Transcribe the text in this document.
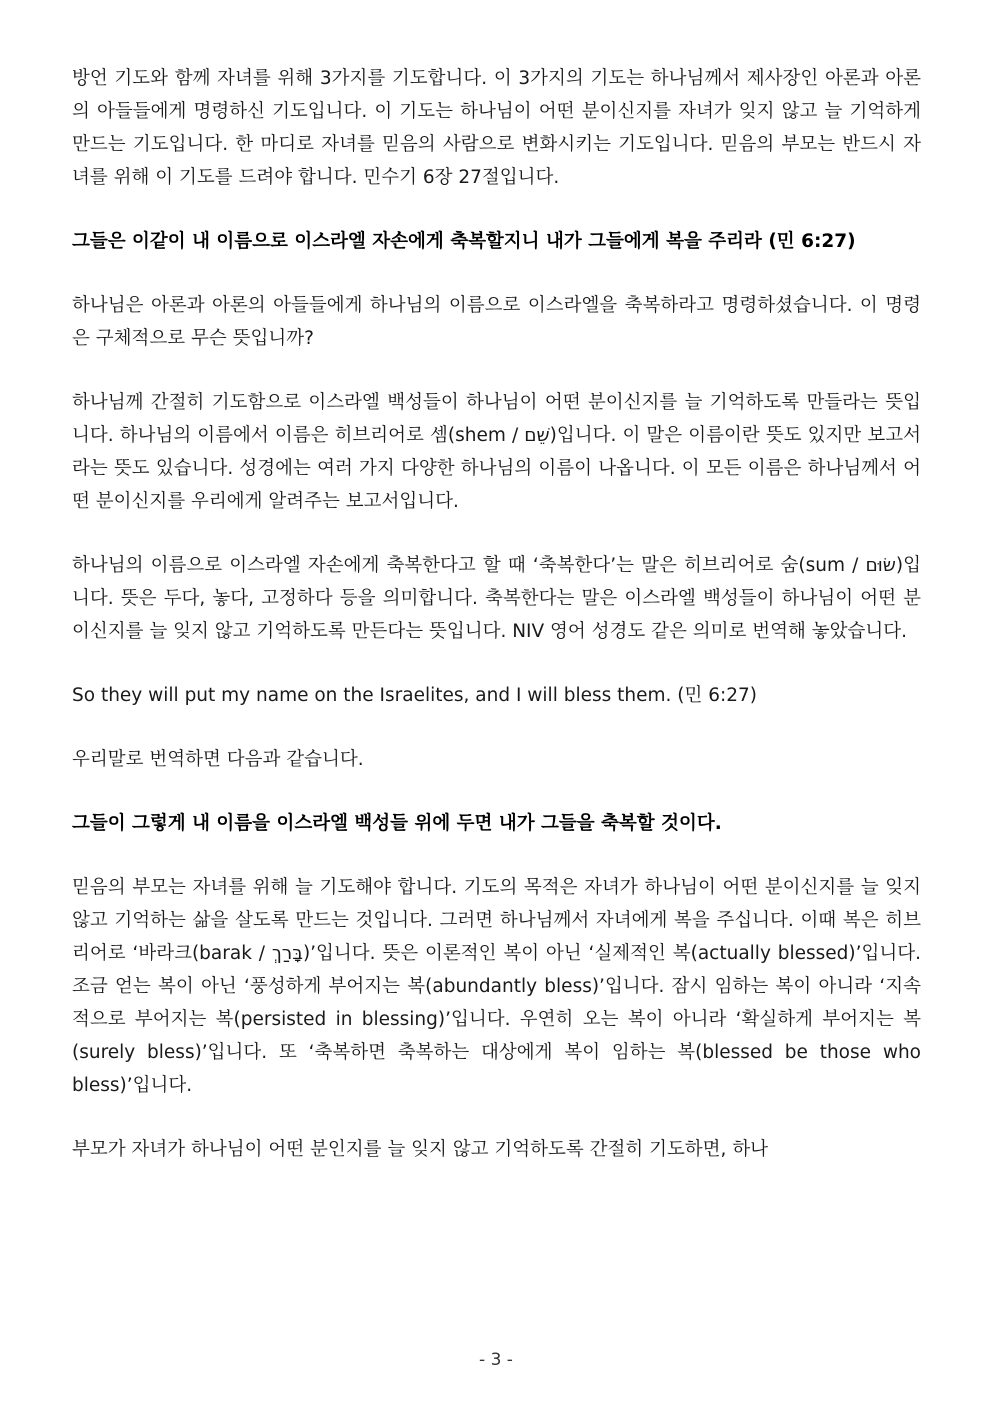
방언 기도와 함께 자녀를 위해 3가지를 기도합니다. 이 3가지의 기도는 하나님께서 제사장인 아론과 아론의 아들들에게 명령하신 기도입니다. 이 기도는 하나님이 어떤 분이신지를 자녀가 잊지 않고 늘 기억하게 만드는 기도입니다. 한 마디로 자녀를 믿음의 사람으로 변화시키는 기도입니다. 믿음의 부모는 반드시 자녀를 위해 이 기도를 드려야 합니다. 민수기 6장 27절입니다.

그들은 이같이 내 이름으로 이스라엘 자손에게 축복할지니 내가 그들에게 복을 주리라 (민 6:27)

하나님은 아론과 아론의 아들들에게 하나님의 이름으로 이스라엘을 축복하라고 명령하셨습니다. 이 명령은 구체적으로 무슨 뜻입니까?

하나님께 간절히 기도함으로 이스라엘 백성들이 하나님이 어떤 분이신지를 늘 기억하도록 만들라는 뜻입니다. 하나님의 이름에서 이름은 히브리어로 셈(shem / שֵׁם)입니다. 이 말은 이름이란 뜻도 있지만 보고서라는 뜻도 있습니다. 성경에는 여러 가지 다양한 하나님의 이름이 나옵니다. 이 모든 이름은 하나님께서 어떤 분이신지를 우리에게 알려주는 보고서입니다.

하나님의 이름으로 이스라엘 자손에게 축복한다고 할 때 ‘축복한다’는 말은 히브리어로 숨(sum / שׂוּם)입니다. 뜻은 두다, 놓다, 고정하다 등을 의미합니다. 축복한다는 말은 이스라엘 백성들이 하나님이 어떤 분이신지를 늘 잊지 않고 기억하도록 만든다는 뜻입니다. NIV 영어 성경도 같은 의미로 번역해 놓았습니다.

So they will put my name on the Israelites, and I will bless them. (민 6:27)

우리말로 번역하면 다음과 같습니다.

그들이 그렇게 내 이름을 이스라엘 백성들 위에 두면 내가 그들을 축복할 것이다.

믿음의 부모는 자녀를 위해 늘 기도해야 합니다. 기도의 목적은 자녀가 하나님이 어떤 분이신지를 늘 잊지 않고 기억하는 삶을 살도록 만드는 것입니다. 그러면 하나님께서 자녀에게 복을 주십니다. 이때 복은 히브리어로 ‘바라크(barak / בָּרַךְ)’입니다. 뜻은 이론적인 복이 아닌 ‘실제적인 복(actually blessed)’입니다. 조금 얻는 복이 아닌 ‘풍성하게 부어지는 복(abundantly bless)’입니다. 잠시 임하는 복이 아니라 ‘지속적으로 부어지는 복(persisted in blessing)’입니다. 우연히 오는 복이 아니라 ‘확실하게 부어지는 복(surely bless)’입니다. 또 ‘축복하면 축복하는 대상에게 복이 임하는 복(blessed be those who bless)’입니다.

부모가 자녀가 하나님이 어떤 분인지를 늘 잊지 않고 기억하도록 간절히 기도하면, 하나

- 3 -
